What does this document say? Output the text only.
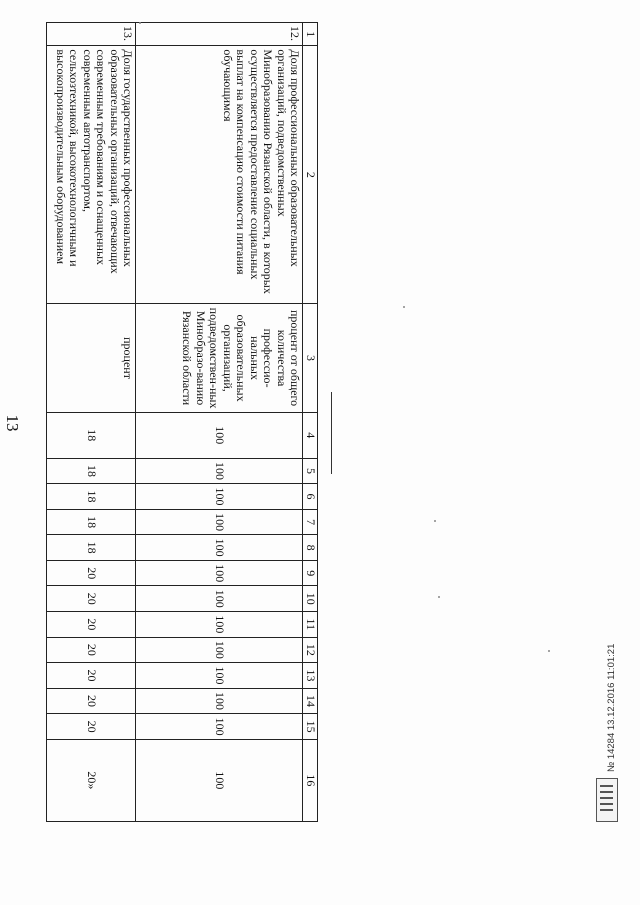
13
1	2	3	4	5	6	7	8	9	10	11	12	13	14	15	16
12.	Доля профессиональных образовательных организаций, подведомственных Минобразованию Рязанской области, в которых осуществляется предоставление социальных выплат на компенсацию стоимости питания обучающимся	процент от общего количества профессио-нальных образовательных организаций, подведомствен-ных Минобразо-ванию Рязанской области	100	100	100	100	100	100	100	100	100	100	100	100	100
13.	Доля государственных профессиональных образовательных организаций, отвечающих современным требованиям и оснащенных современным автотранспортом, сельхозтехникой, высокотехнологичным и высокопроизводительным оборудованием	процент	18	18	18	18	18	20	20	20	20	20	20	20	20»
№ 14284 13.12.2016 11:01:21
